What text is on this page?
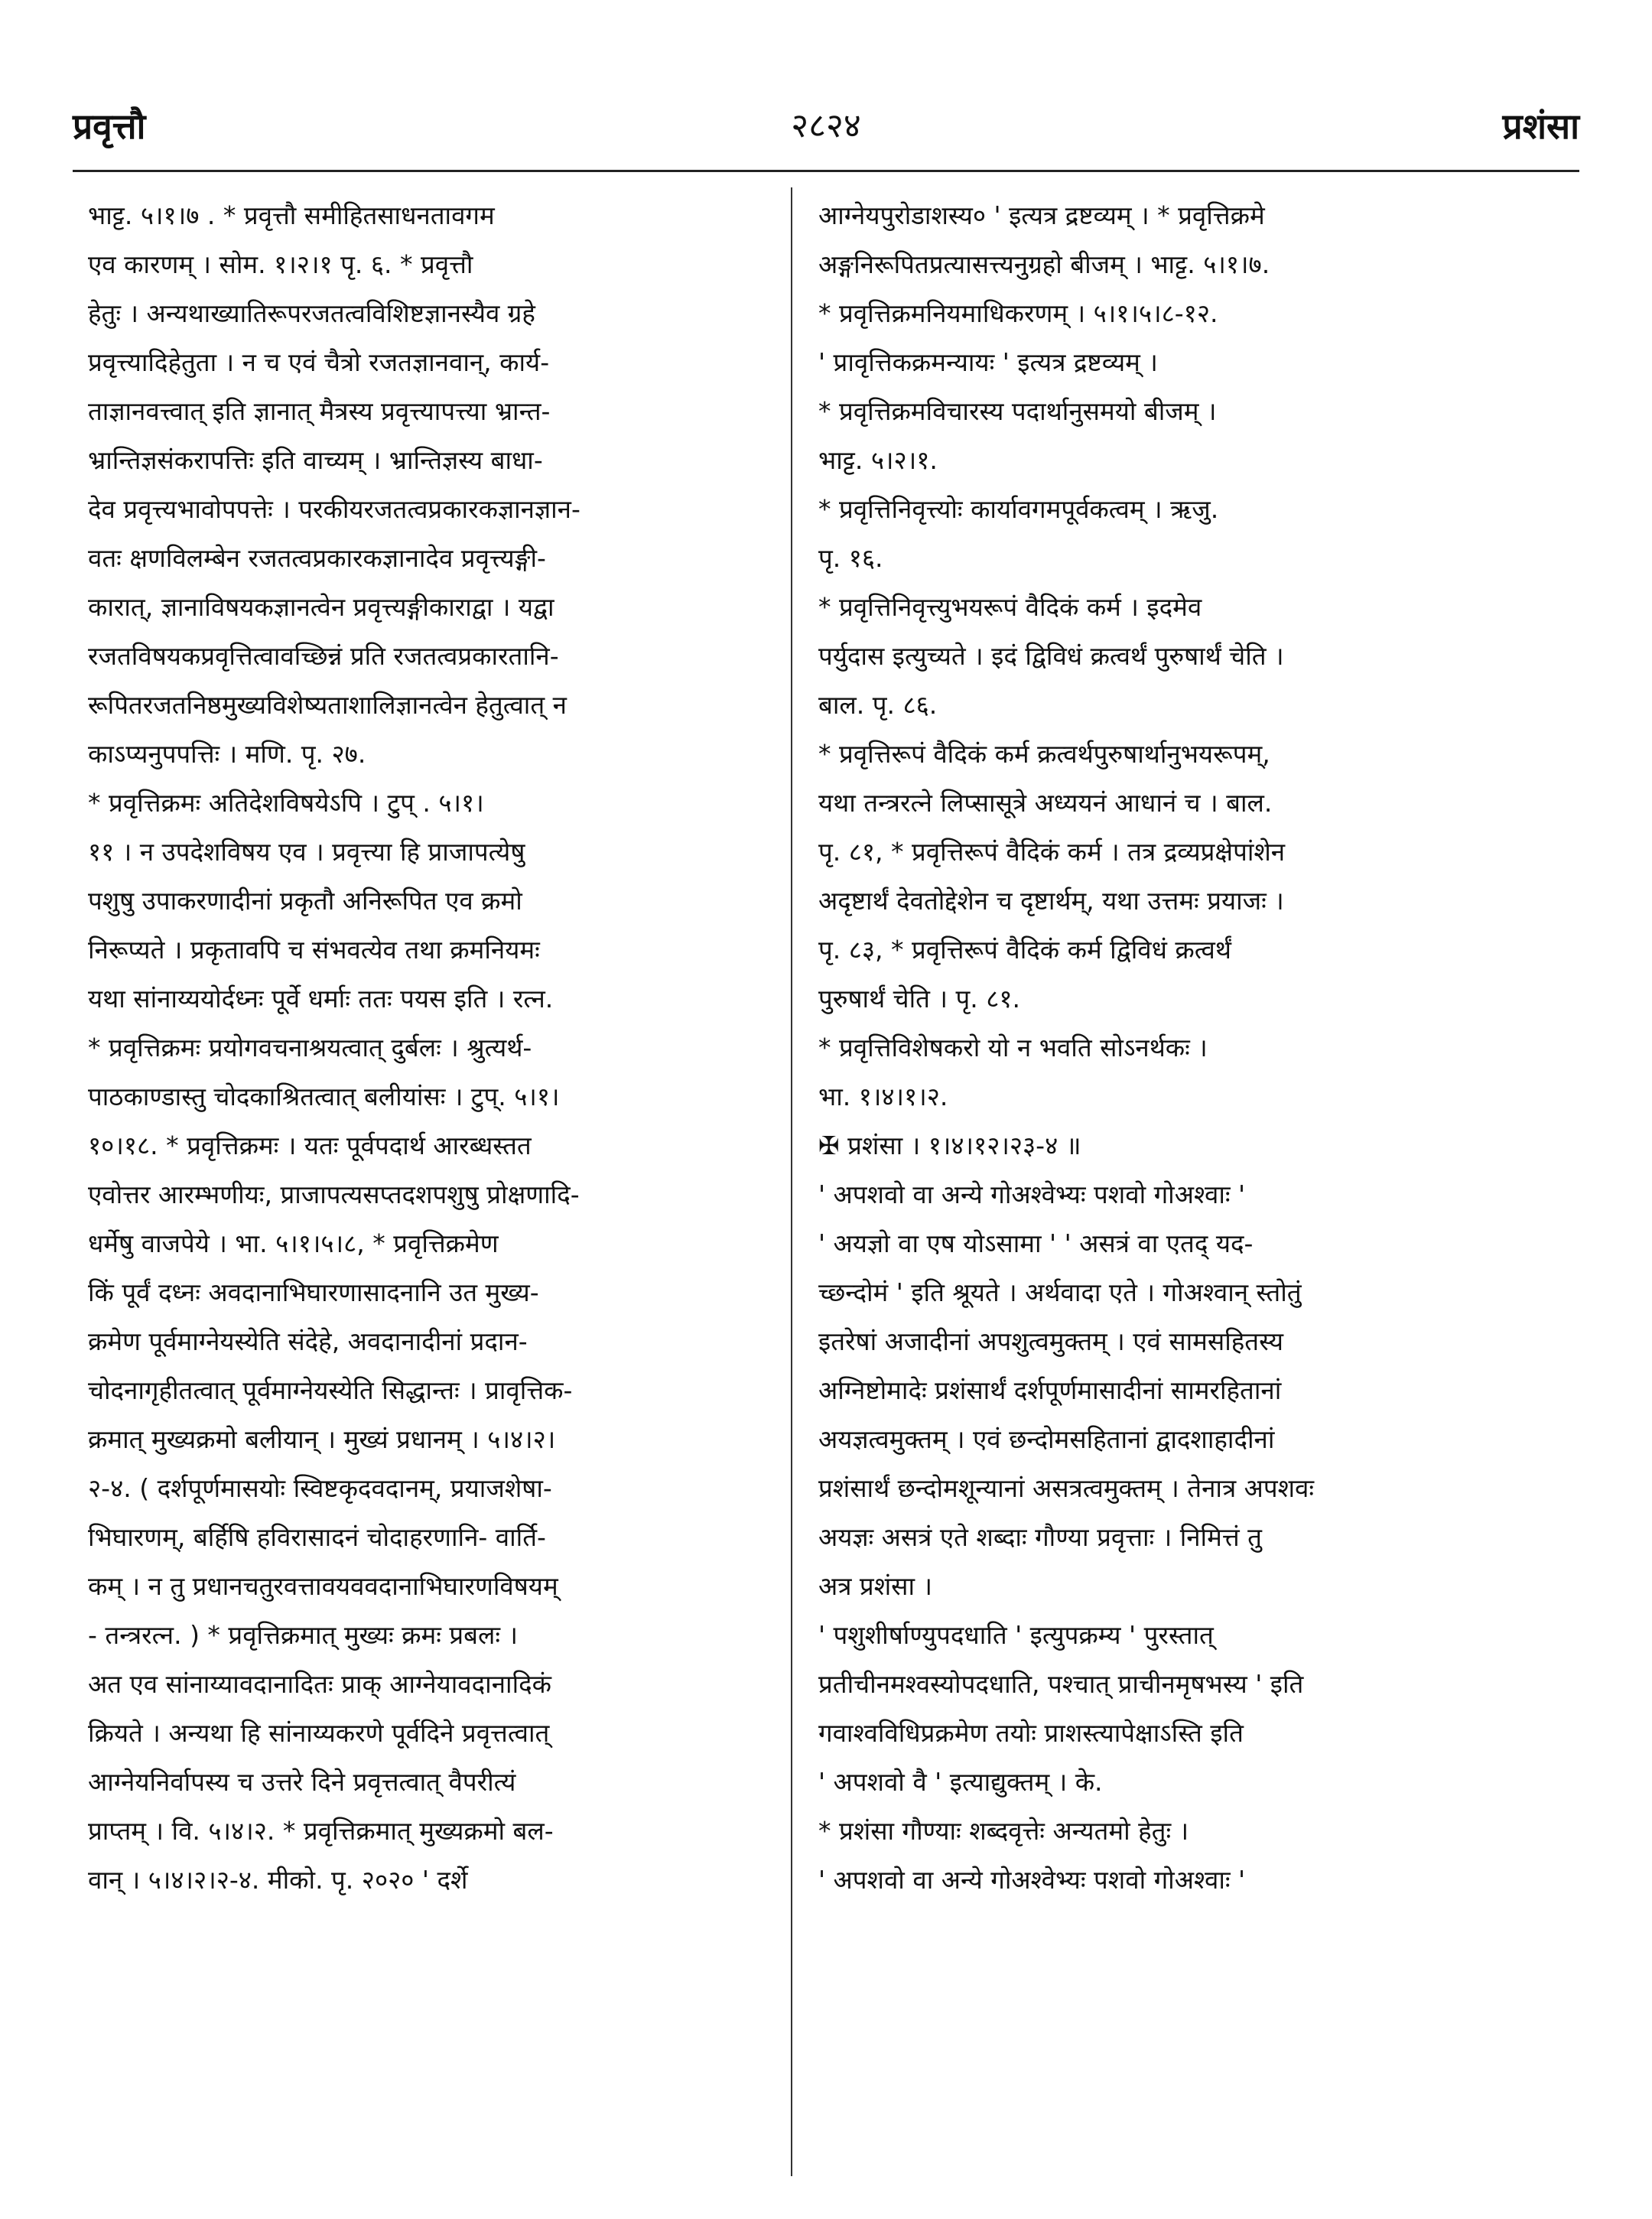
प्रवृत्तौ	२८२४	प्रशंसा
भाट्ट. ५।१।७ . * प्रवृत्तौ समीहितसाधनतावगम
एव कारणम् । सोम. १।२।१ पृ. ६. * प्रवृत्तौ
हेतुः । अन्यथाख्यातिरूपरजतत्वविशिष्टज्ञानस्यैव ग्रहे
प्रवृत्त्यादिहेतुता । न च एवं चैत्रो रजतज्ञानवान्, कार्य-
ताज्ञानवत्त्वात् इति ज्ञानात् मैत्रस्य प्रवृत्त्यापत्त्या भ्रान्त-
भ्रान्तिज्ञसंकरापत्तिः इति वाच्यम् । भ्रान्तिज्ञस्य बाधा-
देव प्रवृत्त्यभावोपपत्तेः । परकीयरजतत्वप्रकारकज्ञानज्ञान-
वतः क्षणविलम्बेन रजतत्वप्रकारकज्ञानादेव प्रवृत्त्यङ्गी-
कारात्, ज्ञानाविषयकज्ञानत्वेन प्रवृत्त्यङ्गीकाराद्वा । यद्वा
रजतविषयकप्रवृत्तित्वावच्छिन्नं प्रति रजतत्वप्रकारतानि-
रूपितरजतनिष्ठमुख्यविशेष्यताशालिज्ञानत्वेन हेतुत्वात् न
काऽप्यनुपपत्तिः । मणि. पृ. २७.
* प्रवृत्तिक्रमः अतिदेशविषयेऽपि । टुप् . ५।१।
११ । न उपदेशविषय एव । प्रवृत्त्या हि प्राजापत्येषु
पशुषु उपाकरणादीनां प्रकृतौ अनिरूपित एव क्रमो
निरूप्यते । प्रकृतावपि च संभवत्येव तथा क्रमनियमः
यथा सांनाय्ययोर्दध्नः पूर्वे धर्माः ततः पयस इति । रत्न.
* प्रवृत्तिक्रमः प्रयोगवचनाश्रयत्वात् दुर्बलः । श्रुत्यर्थ-
पाठकाण्डास्तु चोदकाश्रितत्वात् बलीयांसः । टुप्. ५।१।
१०।१८. * प्रवृत्तिक्रमः । यतः पूर्वपदार्थ आरब्धस्तत
एवोत्तर आरम्भणीयः, प्राजापत्यसप्तदशपशुषु प्रोक्षणादि-
धर्मेषु वाजपेये । भा. ५।१।५।८, * प्रवृत्तिक्रमेण
किं पूर्वं दध्नः अवदानाभिघारणासादनानि उत मुख्य-
क्रमेण पूर्वमाग्नेयस्येति संदेहे, अवदानादीनां प्रदान-
चोदनागृहीतत्वात् पूर्वमाग्नेयस्येति सिद्धान्तः । प्रावृत्तिक-
क्रमात् मुख्यक्रमो बलीयान् । मुख्यं प्रधानम् । ५।४।२।
२-४. ( दर्शपूर्णमासयोः स्विष्टकृदवदानम्, प्रयाजशेषा-
भिघारणम्, बर्हिषि हविरासादनं चोदाहरणानि- वार्ति-
कम् । न तु प्रधानचतुरवत्तावयववदानाभिघारणविषयम्
- तन्त्ररत्न. ) * प्रवृत्तिक्रमात् मुख्यः क्रमः प्रबलः ।
अत एव सांनाय्यावदानादितः प्राक् आग्नेयावदानादिकं
क्रियते । अन्यथा हि सांनाय्यकरणे पूर्वदिने प्रवृत्तत्वात्
आग्नेयनिर्वापस्य च उत्तरे दिने प्रवृत्तत्वात् वैपरीत्यं
प्राप्तम् । वि. ५।४।२. * प्रवृत्तिक्रमात् मुख्यक्रमो बल-
वान् । ५।४।२।२-४. मीको. पृ. २०२० ' दर्शे
आग्नेयपुरोडाशस्य० ' इत्यत्र द्रष्टव्यम् । * प्रवृत्तिक्रमे
अङ्गनिरूपितप्रत्यासत्त्यनुग्रहो बीजम् । भाट्ट. ५।१।७.
* प्रवृत्तिक्रमनियमाधिकरणम् । ५।१।५।८-१२.
' प्रावृत्तिकक्रमन्यायः ' इत्यत्र द्रष्टव्यम् ।
* प्रवृत्तिक्रमविचारस्य पदार्थानुसमयो बीजम् ।
भाट्ट. ५।२।१.
* प्रवृत्तिनिवृत्त्योः कार्यावगमपूर्वकत्वम् । ऋजु.
पृ. १६.
* प्रवृत्तिनिवृत्त्युभयरूपं वैदिकं कर्म । इदमेव
पर्युदास इत्युच्यते । इदं द्विविधं क्रत्वर्थं पुरुषार्थं चेति ।
बाल. पृ. ८६.
* प्रवृत्तिरूपं वैदिकं कर्म क्रत्वर्थपुरुषार्थानुभयरूपम्,
यथा तन्त्ररत्ने लिप्सासूत्रे अध्ययनं आधानं च । बाल.
पृ. ८१, * प्रवृत्तिरूपं वैदिकं कर्म । तत्र द्रव्यप्रक्षेपांशेन
अदृष्टार्थं देवतोद्देशेन च दृष्टार्थम्, यथा उत्तमः प्रयाजः ।
पृ. ८३, * प्रवृत्तिरूपं वैदिकं कर्म द्विविधं क्रत्वर्थं
पुरुषार्थं चेति । पृ. ८१.
* प्रवृत्तिविशेषकरो यो न भवति सोऽनर्थकः ।
भा. १।४।१।२.
✠ प्रशंसा । १।४।१२।२३-४ ॥
' अपशवो वा अन्ये गोअश्वेभ्यः पशवो गोअश्वाः '
' अयज्ञो वा एष योऽसामा ' ' असत्रं वा एतद् यद-
च्छन्दोमं ' इति श्रूयते । अर्थवादा एते । गोअश्वान् स्तोतुं
इतरेषां अजादीनां अपशुत्वमुक्तम् । एवं सामसहितस्य
अग्निष्टोमादेः प्रशंसार्थं दर्शपूर्णमासादीनां सामरहितानां
अयज्ञत्वमुक्तम् । एवं छन्दोमसहितानां द्वादशाहादीनां
प्रशंसार्थं छन्दोमशून्यानां असत्रत्वमुक्तम् । तेनात्र अपशवः
अयज्ञः असत्रं एते शब्दाः गौण्या प्रवृत्ताः । निमित्तं तु
अत्र प्रशंसा ।
' पशुशीर्षाण्युपदधाति ' इत्युपक्रम्य ' पुरस्तात्
प्रतीचीनमश्वस्योपदधाति, पश्चात् प्राचीनमृषभस्य ' इति
गवाश्वविधिप्रक्रमेण तयोः प्राशस्त्यापेक्षाऽस्ति इति
' अपशवो वै ' इत्याद्युक्तम् । के.
* प्रशंसा गौण्याः शब्दवृत्तेः अन्यतमो हेतुः ।
' अपशवो वा अन्ये गोअश्वेभ्यः पशवो गोअश्वाः '
